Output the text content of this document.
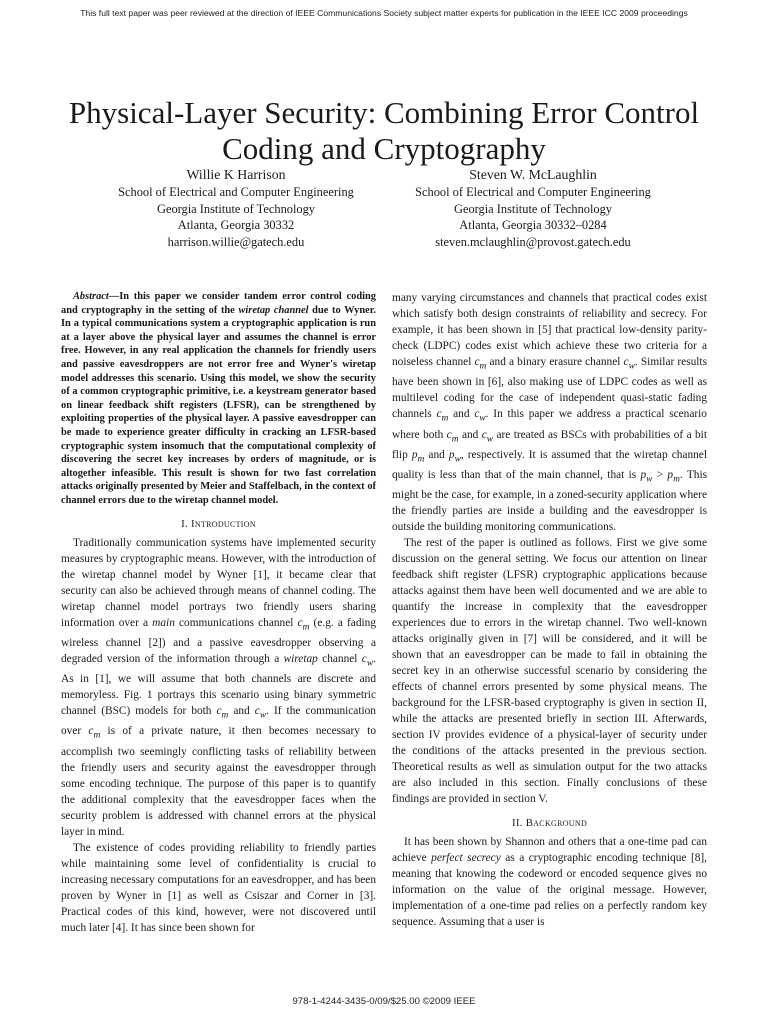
This full text paper was peer reviewed at the direction of IEEE Communications Society subject matter experts for publication in the IEEE ICC 2009 proceedings
Physical-Layer Security: Combining Error Control Coding and Cryptography
Willie K Harrison
School of Electrical and Computer Engineering
Georgia Institute of Technology
Atlanta, Georgia 30332
harrison.willie@gatech.edu
Steven W. McLaughlin
School of Electrical and Computer Engineering
Georgia Institute of Technology
Atlanta, Georgia 30332–0284
steven.mclaughlin@provost.gatech.edu

Abstract—In this paper we consider tandem error control coding and cryptography in the setting of the wiretap channel due to Wyner. In a typical communications system a cryptographic application is run at a layer above the physical layer and assumes the channel is error free. However, in any real application the channels for friendly users and passive eavesdroppers are not error free and Wyner's wiretap model addresses this scenario. Using this model, we show the security of a common cryptographic primitive, i.e. a keystream generator based on linear feedback shift registers (LFSR), can be strengthened by exploiting properties of the physical layer. A passive eavesdropper can be made to experience greater difficulty in cracking an LFSR-based cryptographic system insomuch that the computational complexity of discovering the secret key increases by orders of magnitude, or is altogether infeasible. This result is shown for two fast correlation attacks originally presented by Meier and Staffelbach, in the context of channel errors due to the wiretap channel model.

I. Introduction

Traditionally communication systems have implemented security measures by cryptographic means. However, with the introduction of the wiretap channel model by Wyner [1], it became clear that security can also be achieved through means of channel coding. The wiretap channel model portrays two friendly users sharing information over a main communications channel $c_m$ (e.g. a fading wireless channel [2]) and a passive eavesdropper observing a degraded version of the information through a wiretap channel $c_w$. As in [1], we will assume that both channels are discrete and memoryless. Fig. 1 portrays this scenario using binary symmetric channel (BSC) models for both $c_m$ and $c_w$. If the communication over $c_m$ is of a private nature, it then becomes necessary to accomplish two seemingly conflicting tasks of reliability between the friendly users and security against the eavesdropper through some encoding technique. The purpose of this paper is to quantify the additional complexity that the eavesdropper faces when the security problem is addressed with channel errors at the physical layer in mind.

The existence of codes providing reliability to friendly parties while maintaining some level of confidentiality is crucial to increasing necessary computations for an eavesdropper, and has been proven by Wyner in [1] as well as Csiszar and Corner in [3]. Practical codes of this kind, however, were not discovered until much later [4]. It has since been shown for

many varying circumstances and channels that practical codes exist which satisfy both design constraints of reliability and secrecy. For example, it has been shown in [5] that practical low-density parity-check (LDPC) codes exist which achieve these two criteria for a noiseless channel $c_m$ and a binary erasure channel $c_w$. Similar results have been shown in [6], also making use of LDPC codes as well as multilevel coding for the case of independent quasi-static fading channels $c_m$ and $c_w$. In this paper we address a practical scenario where both $c_m$ and $c_w$ are treated as BSCs with probabilities of a bit flip $p_m$ and $p_w$, respectively. It is assumed that the wiretap channel quality is less than that of the main channel, that is $p_w > p_m$. This might be the case, for example, in a zoned-security application where the friendly parties are inside a building and the eavesdropper is outside the building monitoring communications.

The rest of the paper is outlined as follows. First we give some discussion on the general setting. We focus our attention on linear feedback shift register (LFSR) cryptographic applications because attacks against them have been well documented and we are able to quantify the increase in complexity that the eavesdropper experiences due to errors in the wiretap channel. Two well-known attacks originally given in [7] will be considered, and it will be shown that an eavesdropper can be made to fail in obtaining the secret key in an otherwise successful scenario by considering the effects of channel errors presented by some physical means. The background for the LFSR-based cryptography is given in section II, while the attacks are presented briefly in section III. Afterwards, section IV provides evidence of a physical-layer of security under the conditions of the attacks presented in the previous section. Theoretical results as well as simulation output for the two attacks are also included in this section. Finally conclusions of these findings are provided in section V.

II. Background

It has been shown by Shannon and others that a one-time pad can achieve perfect secrecy as a cryptographic encoding technique [8], meaning that knowing the codeword or encoded sequence gives no information on the value of the original message. However, implementation of a one-time pad relies on a perfectly random key sequence. Assuming that a user is

978-1-4244-3435-0/09/$25.00 ©2009 IEEE
